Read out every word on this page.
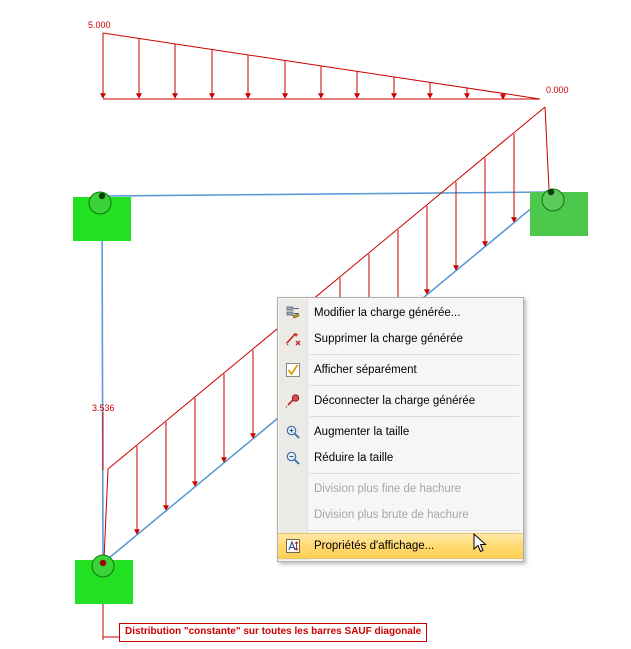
5.000
0.000
3.536
Distribution "constante" sur toutes les barres SAUF diagonale
Modifier la charge générée...
Supprimer la charge générée
Afficher séparément
Déconnecter la charge générée
Augmenter la taille
Réduire la taille
Division plus fine de hachure
Division plus brute de hachure
Propriétés d'affichage...
